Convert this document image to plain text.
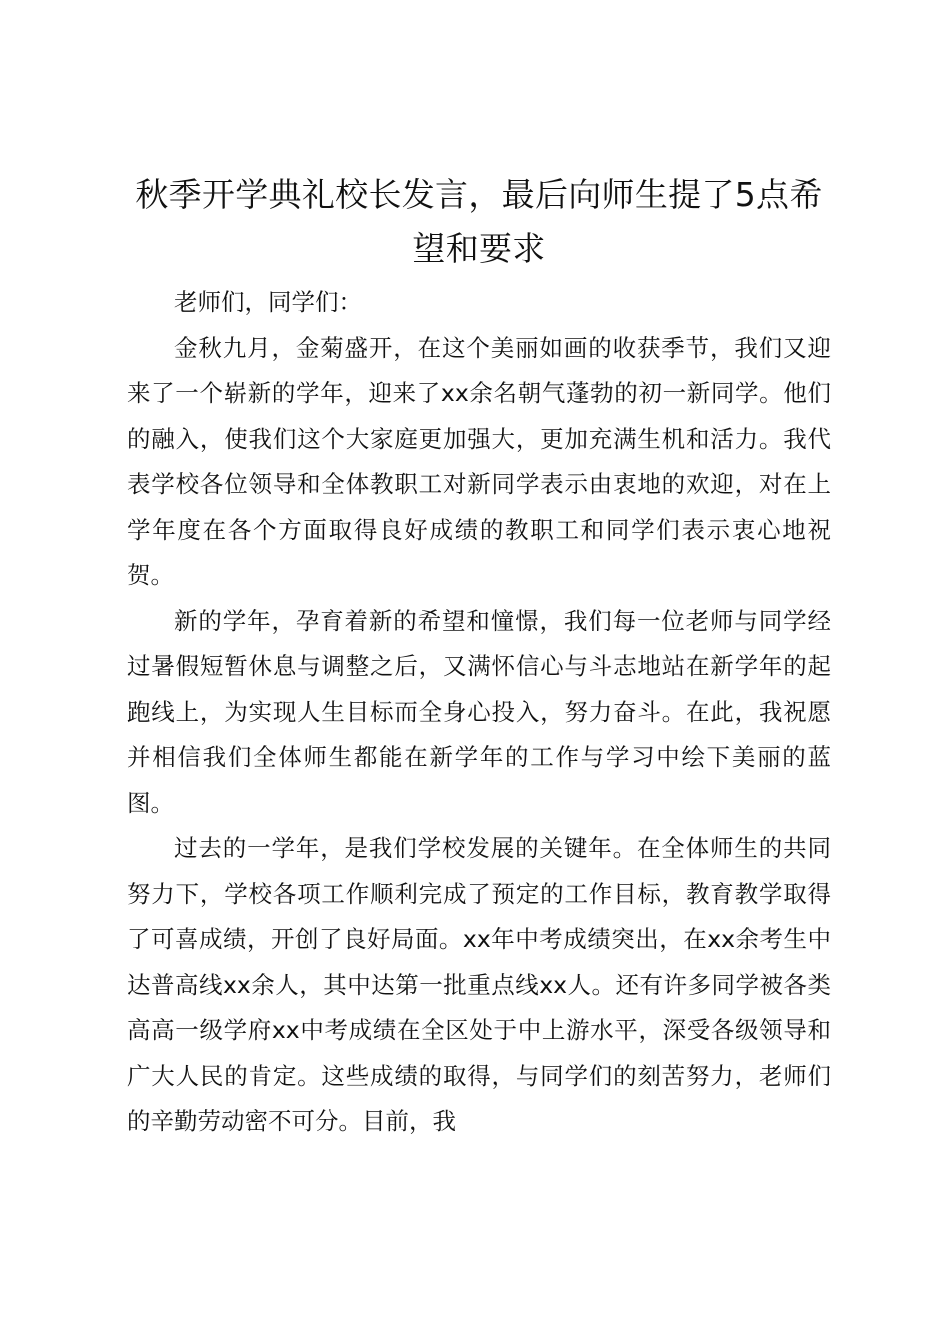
秋季开学典礼校长发言，最后向师生提了5点希望和要求

老师们，同学们：

金秋九月，金菊盛开，在这个美丽如画的收获季节，我们又迎来了一个崭新的学年，迎来了xx余名朝气蓬勃的初一新同学。他们的融入，使我们这个大家庭更加强大，更加充满生机和活力。我代表学校各位领导和全体教职工对新同学表示由衷地的欢迎，对在上学年度在各个方面取得良好成绩的教职工和同学们表示衷心地祝贺。

新的学年，孕育着新的希望和憧憬，我们每一位老师与同学经过暑假短暂休息与调整之后，又满怀信心与斗志地站在新学年的起跑线上，为实现人生目标而全身心投入，努力奋斗。在此，我祝愿并相信我们全体师生都能在新学年的工作与学习中绘下美丽的蓝图。

过去的一学年，是我们学校发展的关键年。在全体师生的共同努力下，学校各项工作顺利完成了预定的工作目标，教育教学取得了可喜成绩，开创了良好局面。xx年中考成绩突出，在xx余考生中达普高线xx余人，其中达第一批重点线xx人。还有许多同学被各类高高一级学府xx中考成绩在全区处于中上游水平，深受各级领导和广大人民的肯定。这些成绩的取得，与同学们的刻苦努力，老师们的辛勤劳动密不可分。目前，我
